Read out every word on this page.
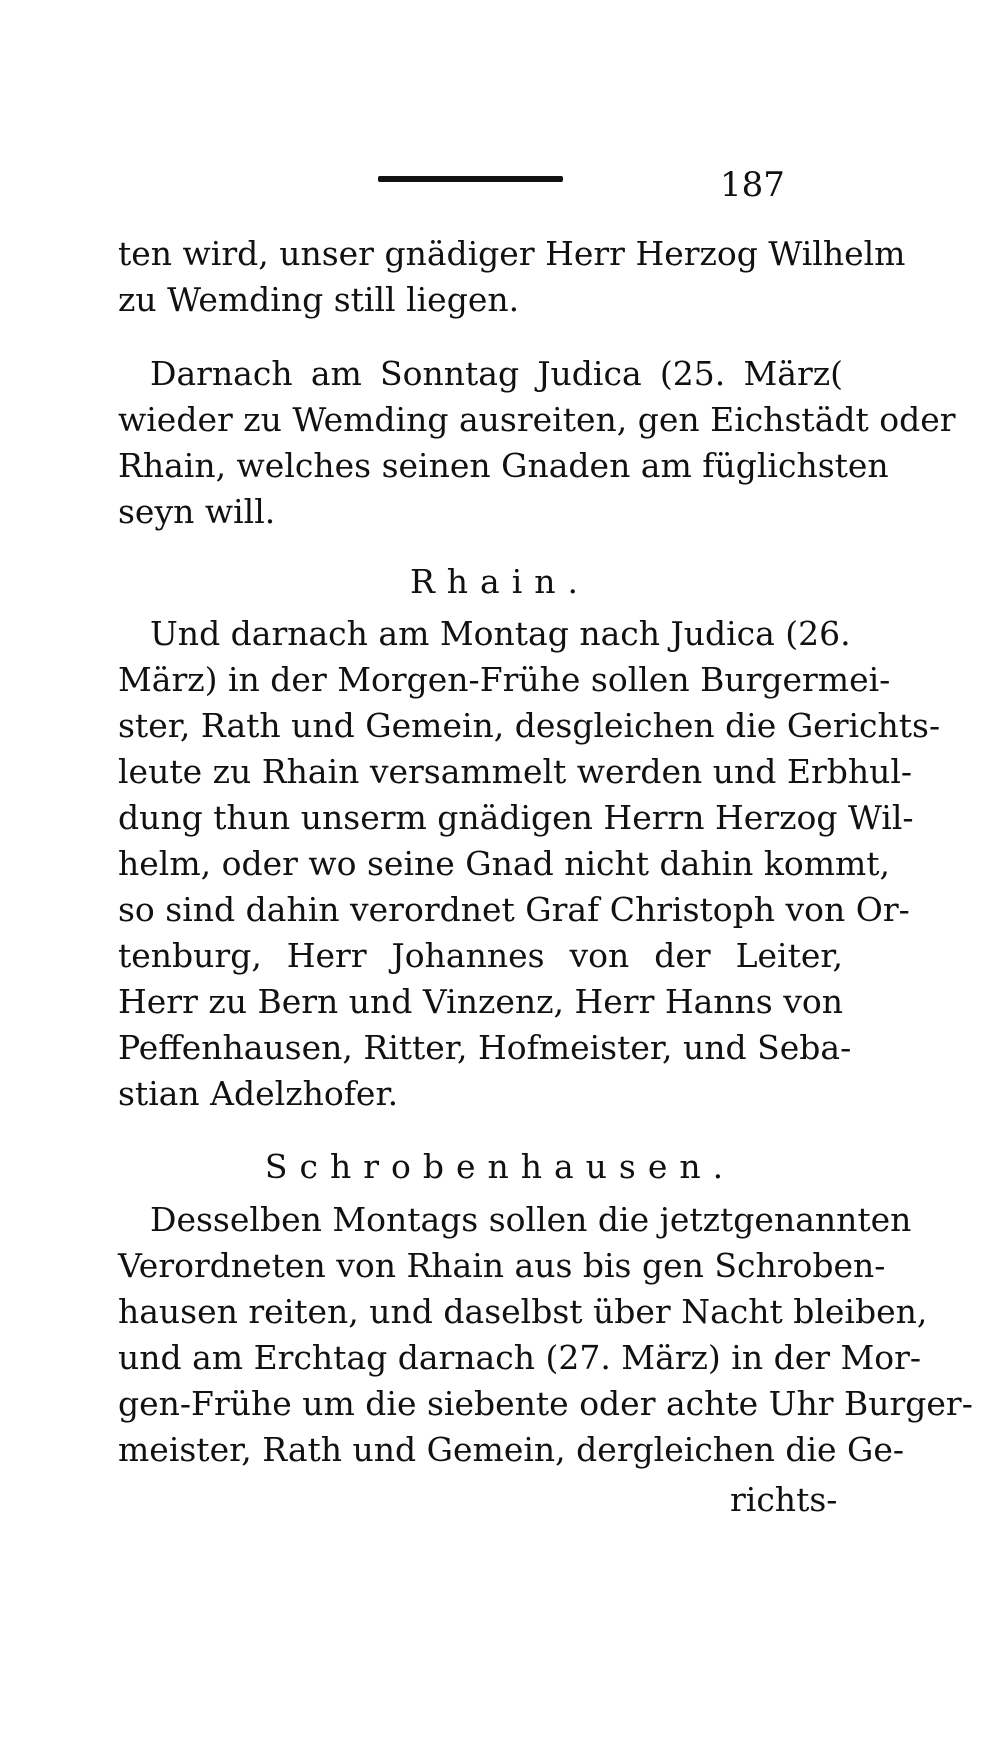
187
ten wird, unser gnädiger Herr Herzog Wilhelm
zu Wemding still liegen.
Darnach am Sonntag Judica (25. März(
wieder zu Wemding ausreiten, gen Eichstädt oder
Rhain, welches seinen Gnaden am füglichsten
seyn will.
Rhain.
Und darnach am Montag nach Judica (26.
März) in der Morgen-Frühe sollen Burgermei-
ster, Rath und Gemein, desgleichen die Gerichts-
leute zu Rhain versammelt werden und Erbhul-
dung thun unserm gnädigen Herrn Herzog Wil-
helm, oder wo seine Gnad nicht dahin kommt,
so sind dahin verordnet Graf Christoph von Or-
tenburg, Herr Johannes von der Leiter,
Herr zu Bern und Vinzenz, Herr Hanns von
Peffenhausen, Ritter, Hofmeister, und Seba-
stian Adelzhofer.
Schrobenhausen.
Desselben Montags sollen die jetztgenannten
Verordneten von Rhain aus bis gen Schroben-
hausen reiten, und daselbst über Nacht bleiben,
und am Erchtag darnach (27. März) in der Mor-
gen-Frühe um die siebente oder achte Uhr Burger-
meister, Rath und Gemein, dergleichen die Ge-
richts-
